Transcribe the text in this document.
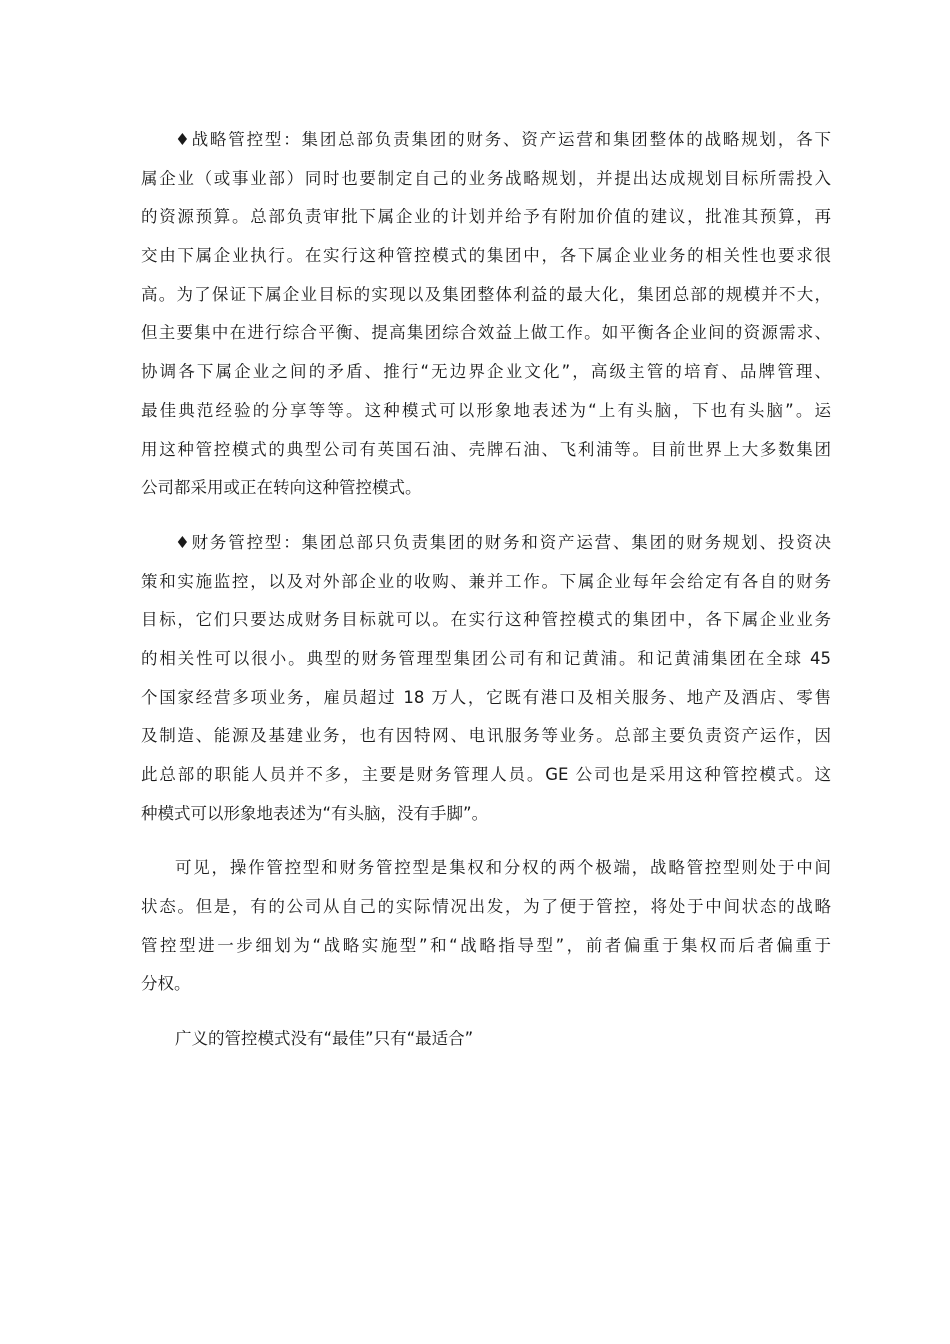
♦战略管控型：集团总部负责集团的财务、资产运营和集团整体的战略规划，各下
属企业（或事业部）同时也要制定自己的业务战略规划，并提出达成规划目标所需投入
的资源预算。总部负责审批下属企业的计划并给予有附加价值的建议，批准其预算，再
交由下属企业执行。在实行这种管控模式的集团中，各下属企业业务的相关性也要求很
高。为了保证下属企业目标的实现以及集团整体利益的最大化，集团总部的规模并不大，
但主要集中在进行综合平衡、提高集团综合效益上做工作。如平衡各企业间的资源需求、
协调各下属企业之间的矛盾、推行“无边界企业文化”，高级主管的培育、品牌管理、
最佳典范经验的分享等等。这种模式可以形象地表述为“上有头脑，下也有头脑”。运
用这种管控模式的典型公司有英国石油、壳牌石油、飞利浦等。目前世界上大多数集团
公司都采用或正在转向这种管控模式。
♦财务管控型：集团总部只负责集团的财务和资产运营、集团的财务规划、投资决
策和实施监控，以及对外部企业的收购、兼并工作。下属企业每年会给定有各自的财务
目标，它们只要达成财务目标就可以。在实行这种管控模式的集团中，各下属企业业务
的相关性可以很小。典型的财务管理型集团公司有和记黄浦。和记黄浦集团在全球 45
个国家经营多项业务，雇员超过 18 万人，它既有港口及相关服务、地产及酒店、零售
及制造、能源及基建业务，也有因特网、电讯服务等业务。总部主要负责资产运作，因
此总部的职能人员并不多，主要是财务管理人员。GE 公司也是采用这种管控模式。这
种模式可以形象地表述为“有头脑，没有手脚”。
可见，操作管控型和财务管控型是集权和分权的两个极端，战略管控型则处于中间
状态。但是，有的公司从自己的实际情况出发，为了便于管控，将处于中间状态的战略
管控型进一步细划为“战略实施型”和“战略指导型”，前者偏重于集权而后者偏重于
分权。
广义的管控模式没有“最佳”只有“最适合”
